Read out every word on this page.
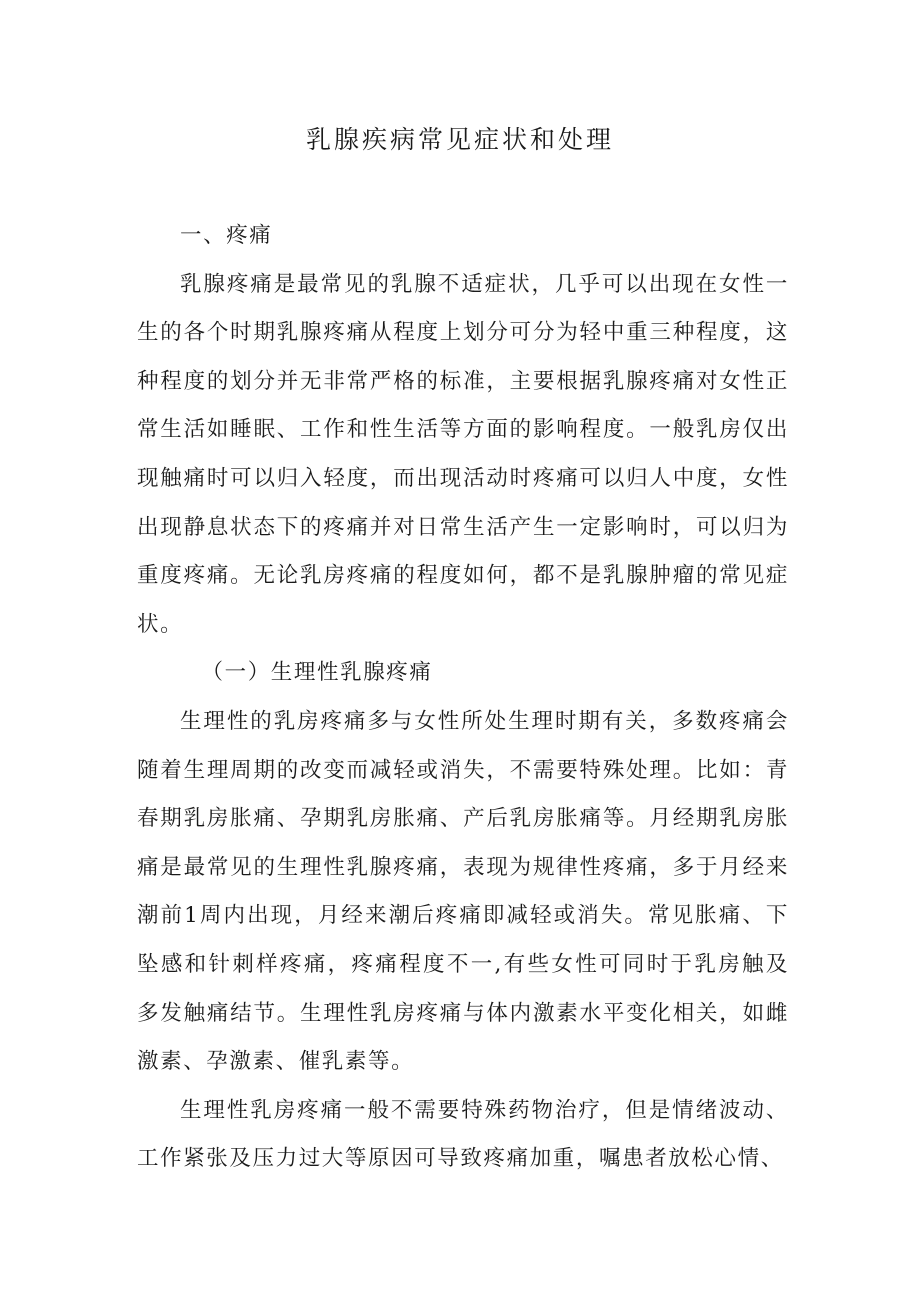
乳腺疾病常见症状和处理

一、疼痛

乳腺疼痛是最常见的乳腺不适症状，几乎可以出现在女性一生的各个时期乳腺疼痛从程度上划分可分为轻中重三种程度，这种程度的划分并无非常严格的标准，主要根据乳腺疼痛对女性正常生活如睡眠、工作和性生活等方面的影响程度。一般乳房仅出现触痛时可以归入轻度，而出现活动时疼痛可以归人中度，女性出现静息状态下的疼痛并对日常生活产生一定影响时，可以归为重度疼痛。无论乳房疼痛的程度如何，都不是乳腺肿瘤的常见症状。

（一）生理性乳腺疼痛

生理性的乳房疼痛多与女性所处生理时期有关，多数疼痛会随着生理周期的改变而减轻或消失，不需要特殊处理。比如：青春期乳房胀痛、孕期乳房胀痛、产后乳房胀痛等。月经期乳房胀痛是最常见的生理性乳腺疼痛，表现为规律性疼痛，多于月经来潮前1周内出现，月经来潮后疼痛即减轻或消失。常见胀痛、下坠感和针刺样疼痛，疼痛程度不一,有些女性可同时于乳房触及多发触痛结节。生理性乳房疼痛与体内激素水平变化相关，如雌激素、孕激素、催乳素等。

生理性乳房疼痛一般不需要特殊药物治疗，但是情绪波动、工作紧张及压力过大等原因可导致疼痛加重，嘱患者放松心情、
